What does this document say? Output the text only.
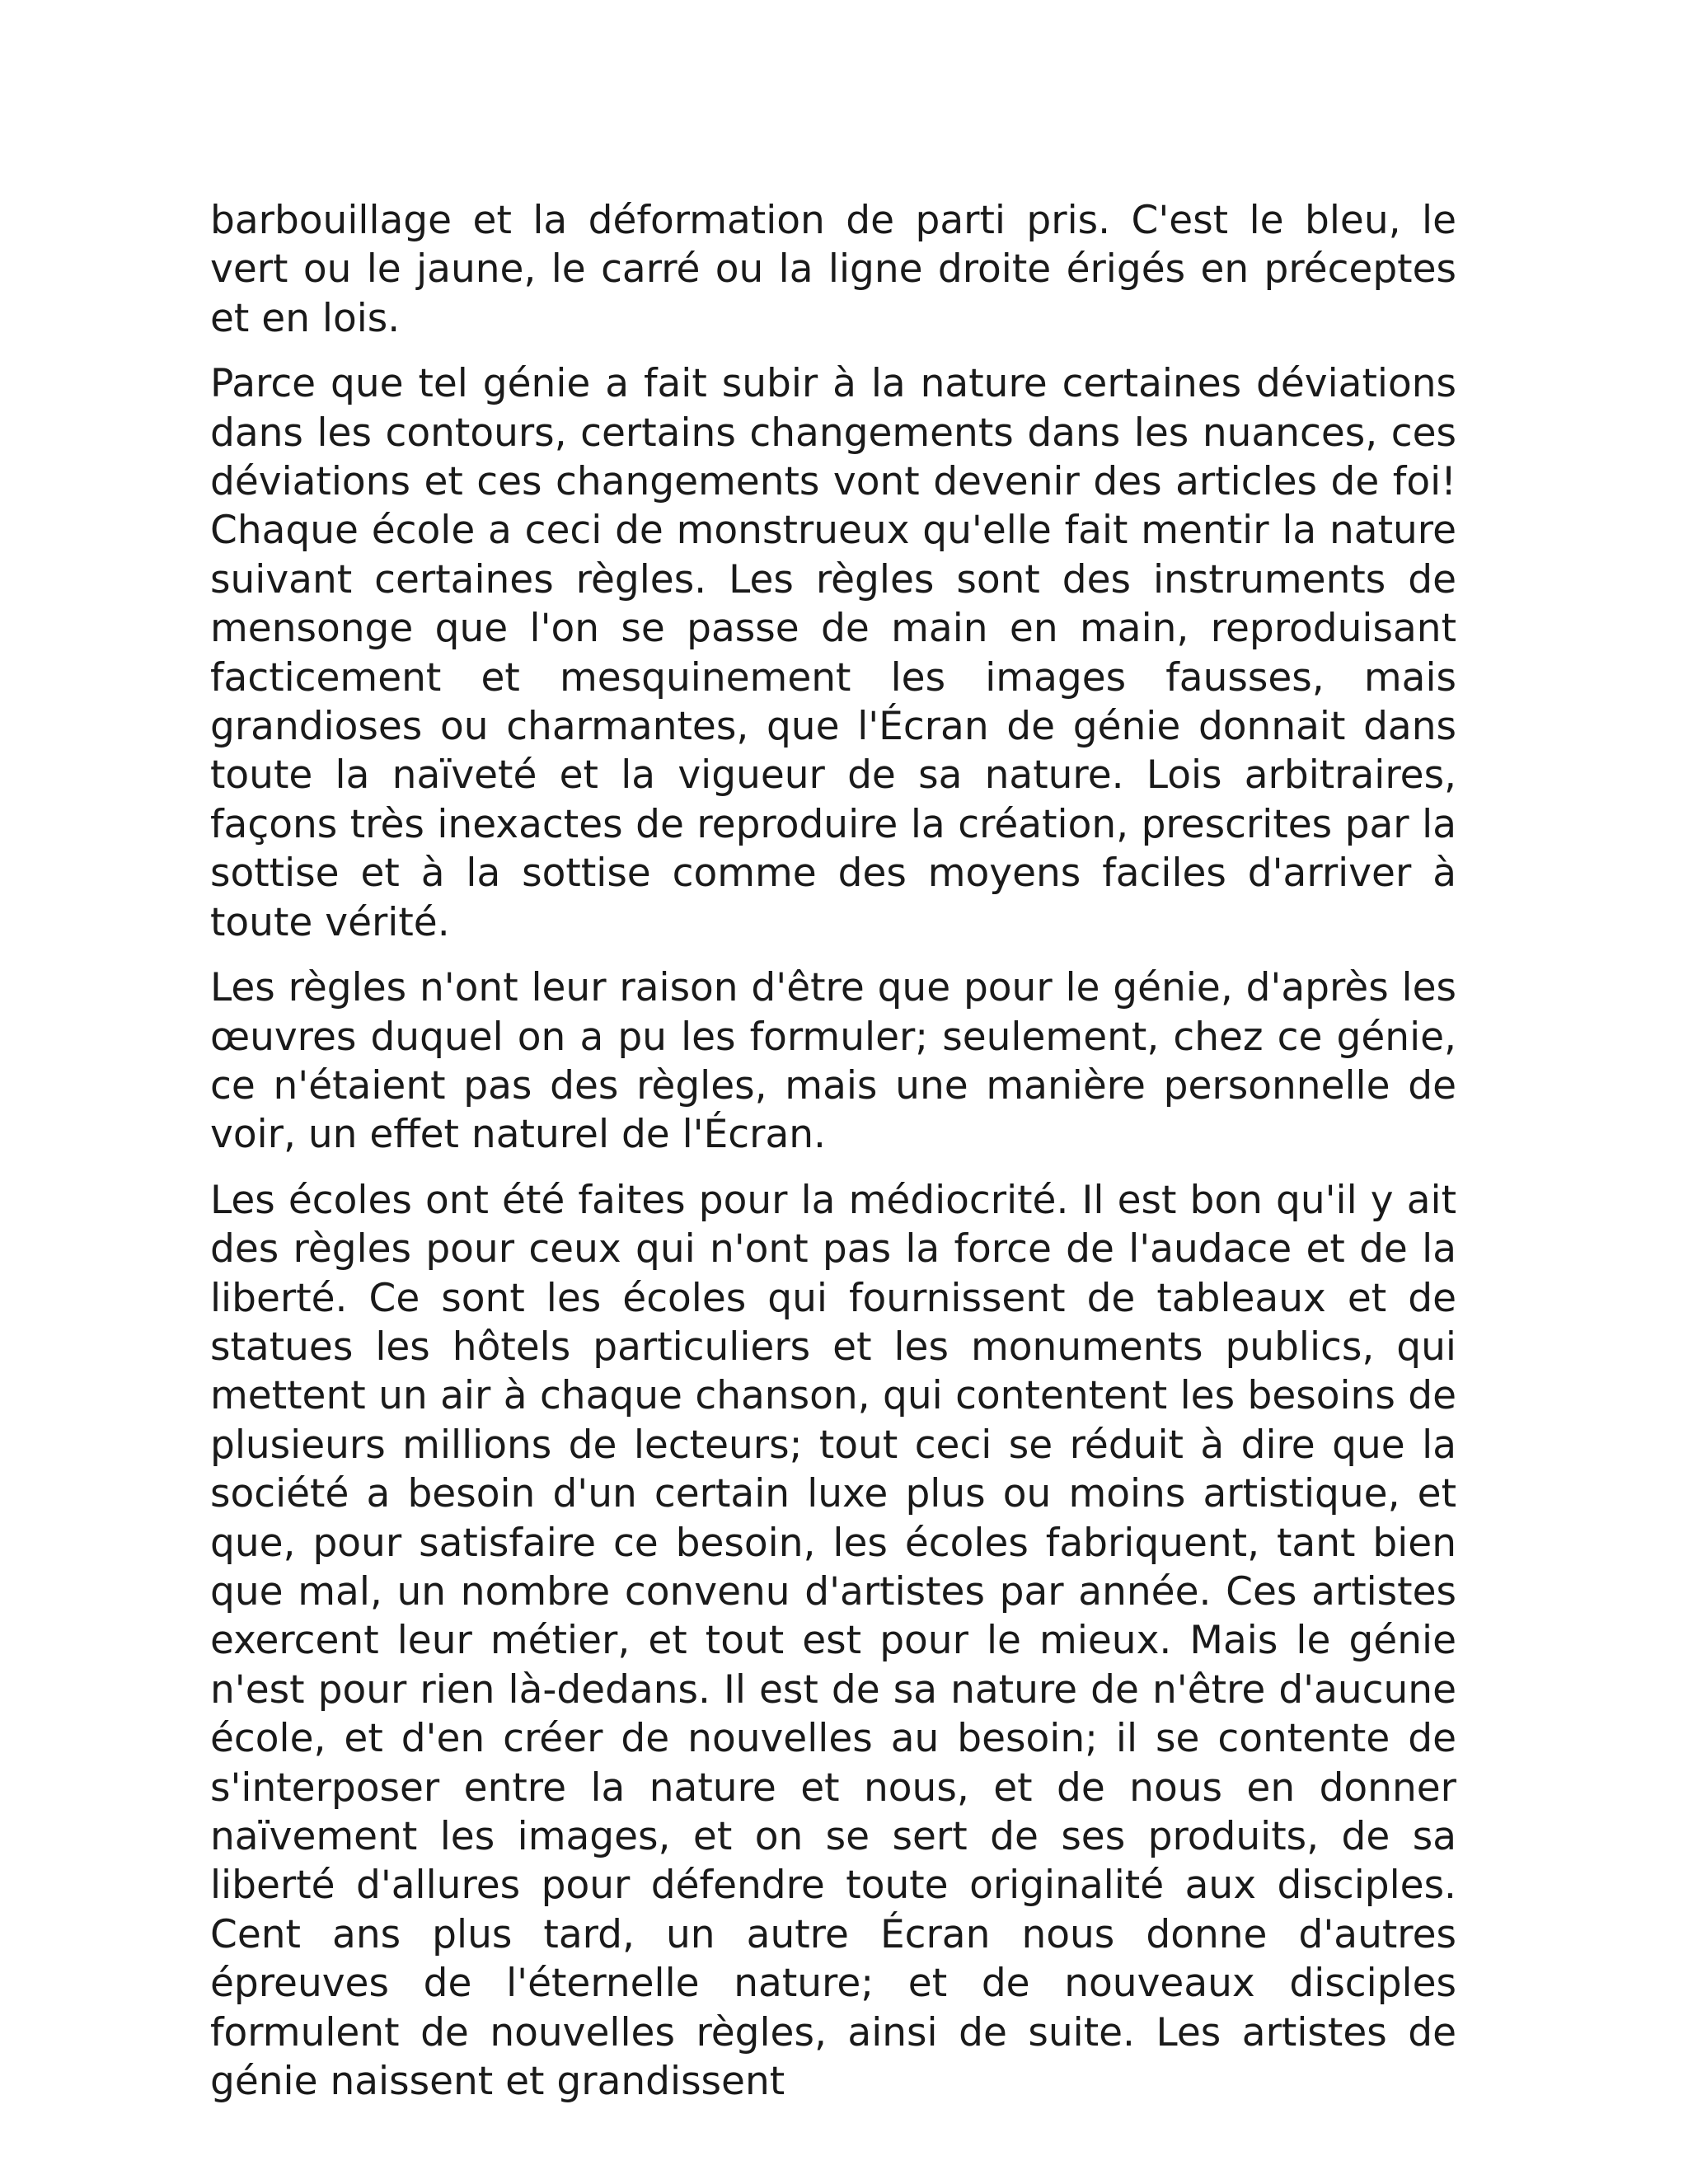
barbouillage et la déformation de parti pris. C'est le bleu, le vert ou le jaune, le carré ou la ligne droite érigés en préceptes et en lois.

Parce que tel génie a fait subir à la nature certaines déviations dans les contours, certains changements dans les nuances, ces déviations et ces changements vont devenir des articles de foi! Chaque école a ceci de monstrueux qu'elle fait mentir la nature suivant certaines règles. Les règles sont des instruments de mensonge que l'on se passe de main en main, reproduisant facticement et mesquinement les images fausses, mais grandioses ou charmantes, que l'Écran de génie donnait dans toute la naïveté et la vigueur de sa nature. Lois arbitraires, façons très inexactes de reproduire la création, prescrites par la sottise et à la sottise comme des moyens faciles d'arriver à toute vérité.

Les règles n'ont leur raison d'être que pour le génie, d'après les œuvres duquel on a pu les formuler; seulement, chez ce génie, ce n'étaient pas des règles, mais une manière personnelle de voir, un effet naturel de l'Écran.

Les écoles ont été faites pour la médiocrité. Il est bon qu'il y ait des règles pour ceux qui n'ont pas la force de l'audace et de la liberté. Ce sont les écoles qui fournissent de tableaux et de statues les hôtels particuliers et les monuments publics, qui mettent un air à chaque chanson, qui contentent les besoins de plusieurs millions de lecteurs; tout ceci se réduit à dire que la société a besoin d'un certain luxe plus ou moins artistique, et que, pour satisfaire ce besoin, les écoles fabriquent, tant bien que mal, un nombre convenu d'artistes par année. Ces artistes exercent leur métier, et tout est pour le mieux. Mais le génie n'est pour rien là-dedans. Il est de sa nature de n'être d'aucune école, et d'en créer de nouvelles au besoin; il se contente de s'interposer entre la nature et nous, et de nous en donner naïvement les images, et on se sert de ses produits, de sa liberté d'allures pour défendre toute originalité aux disciples. Cent ans plus tard, un autre Écran nous donne d'autres épreuves de l'éternelle nature; et de nouveaux disciples formulent de nouvelles règles, ainsi de suite. Les artistes de génie naissent et grandissent
